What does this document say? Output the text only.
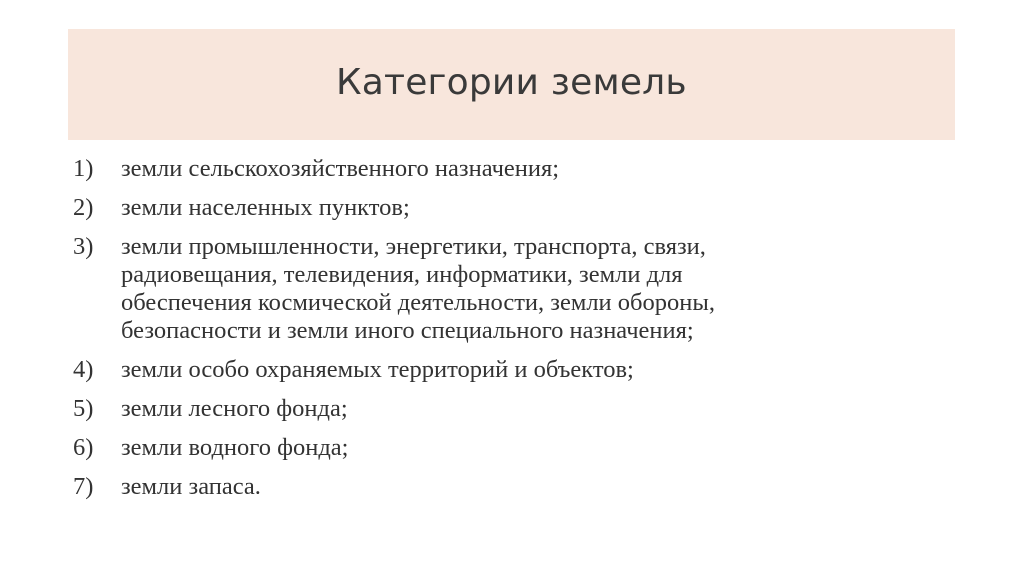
Категории земель
1) земли сельскохозяйственного назначения;
2) земли населенных пунктов;
3) земли промышленности, энергетики, транспорта, связи,
радиовещания, телевидения, информатики, земли для
обеспечения космической деятельности, земли обороны,
безопасности и земли иного специального назначения;
4) земли особо охраняемых территорий и объектов;
5) земли лесного фонда;
6) земли водного фонда;
7) земли запаса.
